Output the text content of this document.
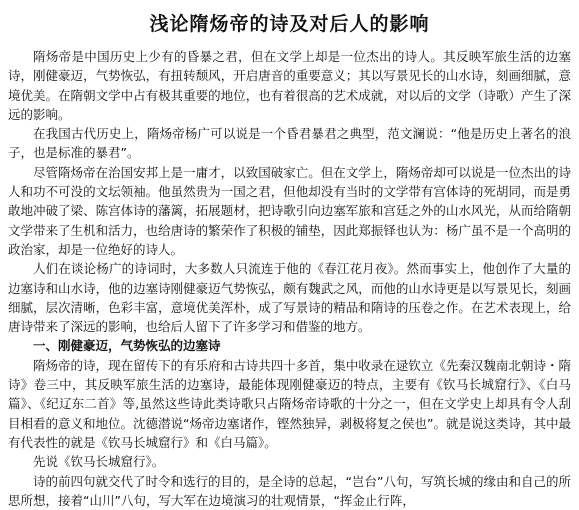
浅论隋炀帝的诗及对后人的影响

隋炀帝是中国历史上少有的昏暴之君，但在文学上却是一位杰出的诗人。其反映军旅生活的边塞诗，刚健豪迈，气势恢弘，有扭转颓风，开启唐音的重要意义；其以写景见长的山水诗，刻画细腻，意境优美。在隋朝文学中占有极其重要的地位，也有着很高的艺术成就，对以后的文学（诗歌）产生了深远的影响。

在我国古代历史上，隋炀帝杨广可以说是一个昏君暴君之典型，范文澜说：“他是历史上著名的浪子，也是标准的暴君”。

尽管隋炀帝在治国安邦上是一庸才，以致国破家亡。但在文学上，隋炀帝却可以说是一位杰出的诗人和功不可没的文坛领袖。他虽然贵为一国之君，但他却没有当时的文学带有宫体诗的死胡同，而是勇敢地冲破了梁、陈宫体诗的藩篱，拓展题材，把诗歌引向边塞军旅和宫廷之外的山水风光，从而给隋朝文学带来了生机和活力，也给唐诗的繁荣作了积极的铺垫，因此郑振铎也认为：杨广虽不是一个高明的政治家，却是一位绝好的诗人。

人们在谈论杨广的诗词时，大多数人只流连于他的《春江花月夜》。然而事实上，他创作了大量的边塞诗和山水诗，他的边塞诗刚健豪迈气势恢弘，颇有魏武之风，而他的山水诗更是以写景见长，刻画细腻，层次清晰，色彩丰富，意境优美浑朴，成了写景诗的精品和隋诗的压卷之作。在艺术表现上，给唐诗带来了深远的影响，也给后人留下了许多学习和借鉴的地方。

一、刚健豪迈，气势恢弘的边塞诗

隋炀帝的诗，现在留传下的有乐府和古诗共四十多首，集中收录在逯钦立《先秦汉魏南北朝诗・隋诗》卷三中，其反映军旅生活的边塞诗，最能体现刚健豪迈的特点，主要有《钦马长城窟行》、《白马篇》、《纪辽东二首》等,虽然这些诗此类诗歌只占隋炀帝诗歌的十分之一，但在文学史上却具有令人刮目相看的意义和地位。沈德潜说“炀帝边塞诸作，铿然独异，剥极将复之侯也”。就是说这类诗，其中最有代表性的就是《钦马长城窟行》和《白马篇》。

先说《钦马长城窟行》。

诗的前四句就交代了时令和选行的目的，是全诗的总起，“岂台”八句，写筑长城的缘由和自己的所思所想，接着“山川”八句，写大军在边境演习的壮观情景，“挥金止行阵，
